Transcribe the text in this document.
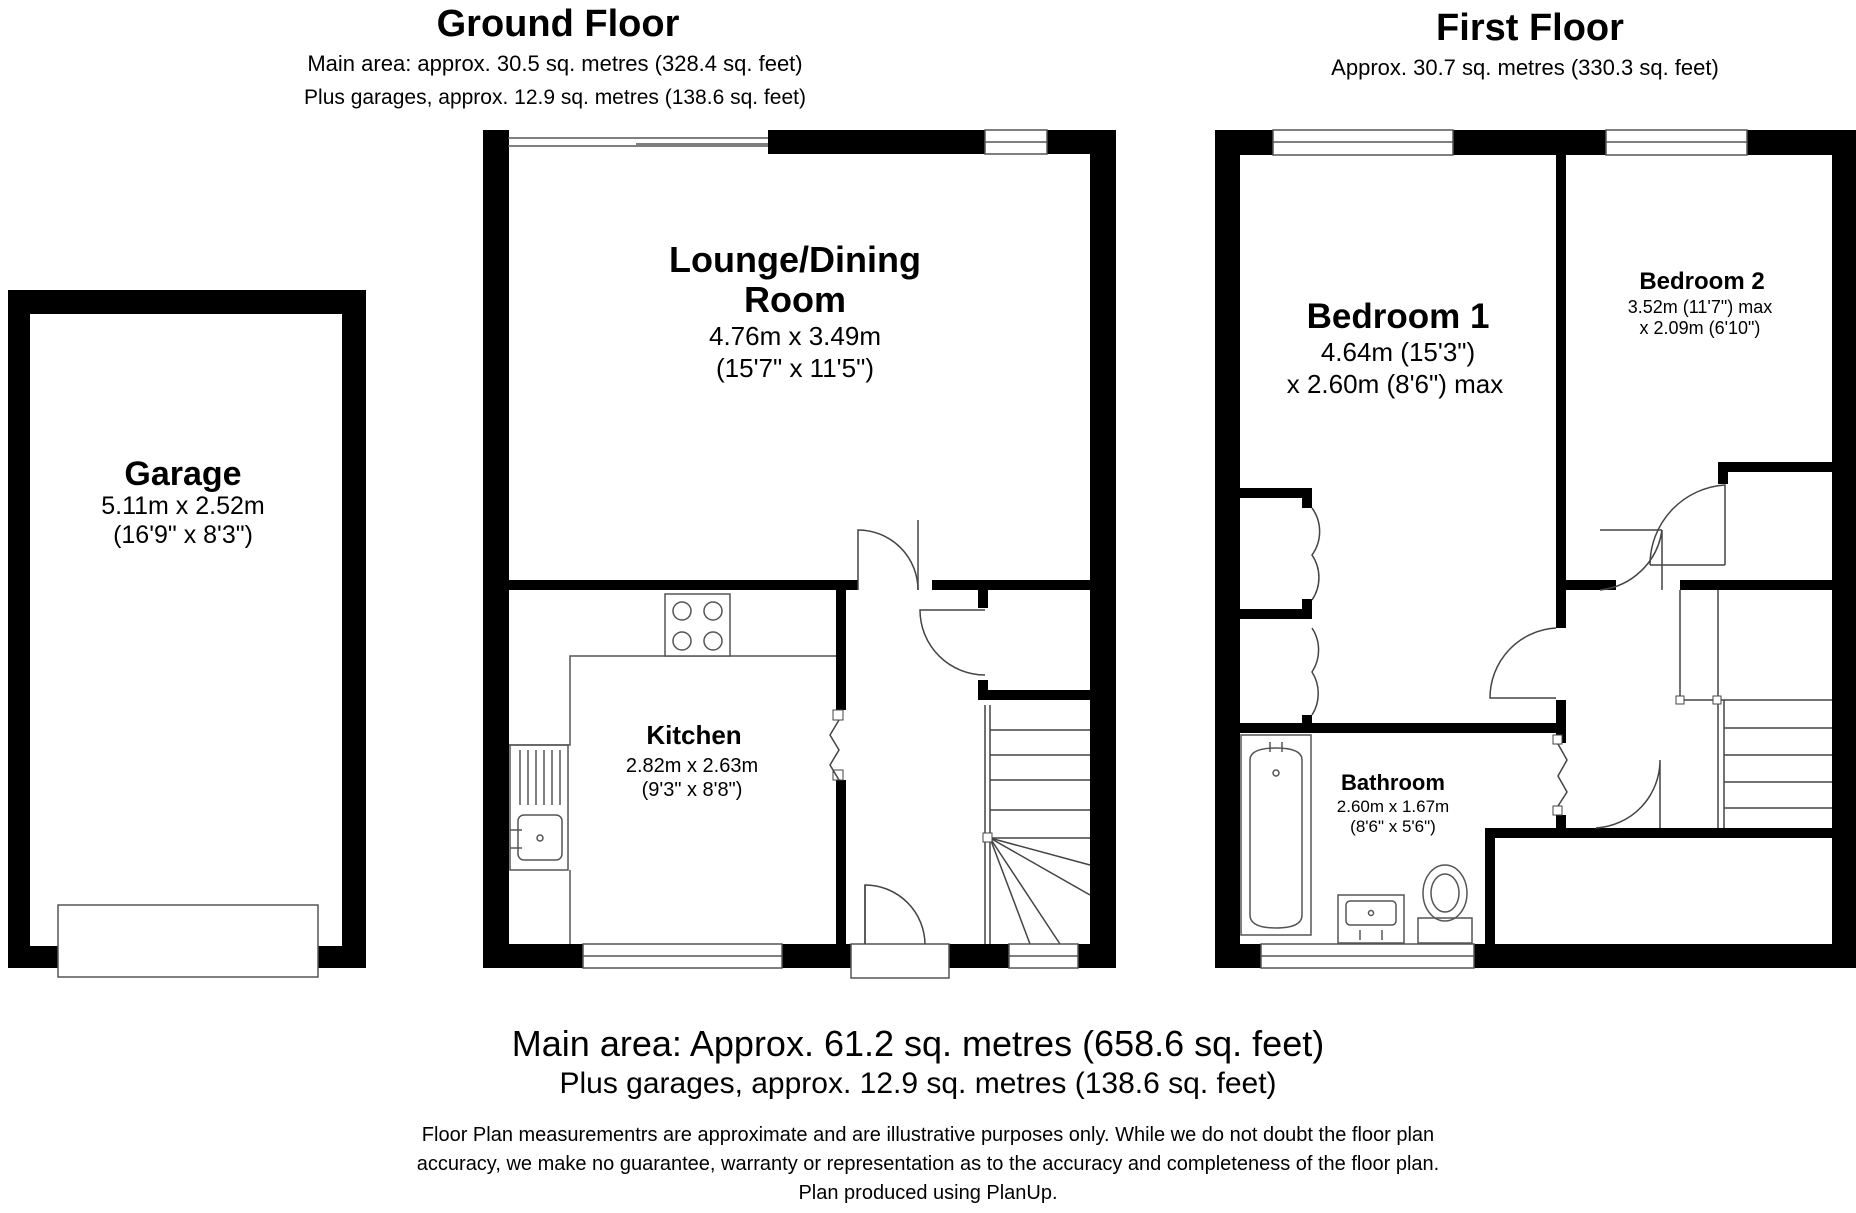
Ground Floor
Main area: approx. 30.5 sq. metres (328.4 sq. feet)
Plus garages, approx. 12.9 sq. metres (138.6 sq. feet)
First Floor
Approx. 30.7 sq. metres (330.3 sq. feet)
Garage
5.11m x 2.52m
(16'9" x 8'3")
Lounge/Dining
Room
4.76m x 3.49m
(15'7" x 11'5")
Kitchen
2.82m x 2.63m
(9'3" x 8'8")
Bedroom 1
4.64m (15'3")
x 2.60m (8'6") max
Bedroom 2
3.52m (11'7") max
x 2.09m (6'10")
Bathroom
2.60m x 1.67m
(8'6" x 5'6")
Main area: Approx. 61.2 sq. metres (658.6 sq. feet)
Plus garages, approx. 12.9 sq. metres (138.6 sq. feet)
Floor Plan measurementrs are approximate and are illustrative purposes only. While we do not doubt the floor plan
accuracy, we make no guarantee, warranty or representation as to the accuracy and completeness of the floor plan.
Plan produced using PlanUp.
